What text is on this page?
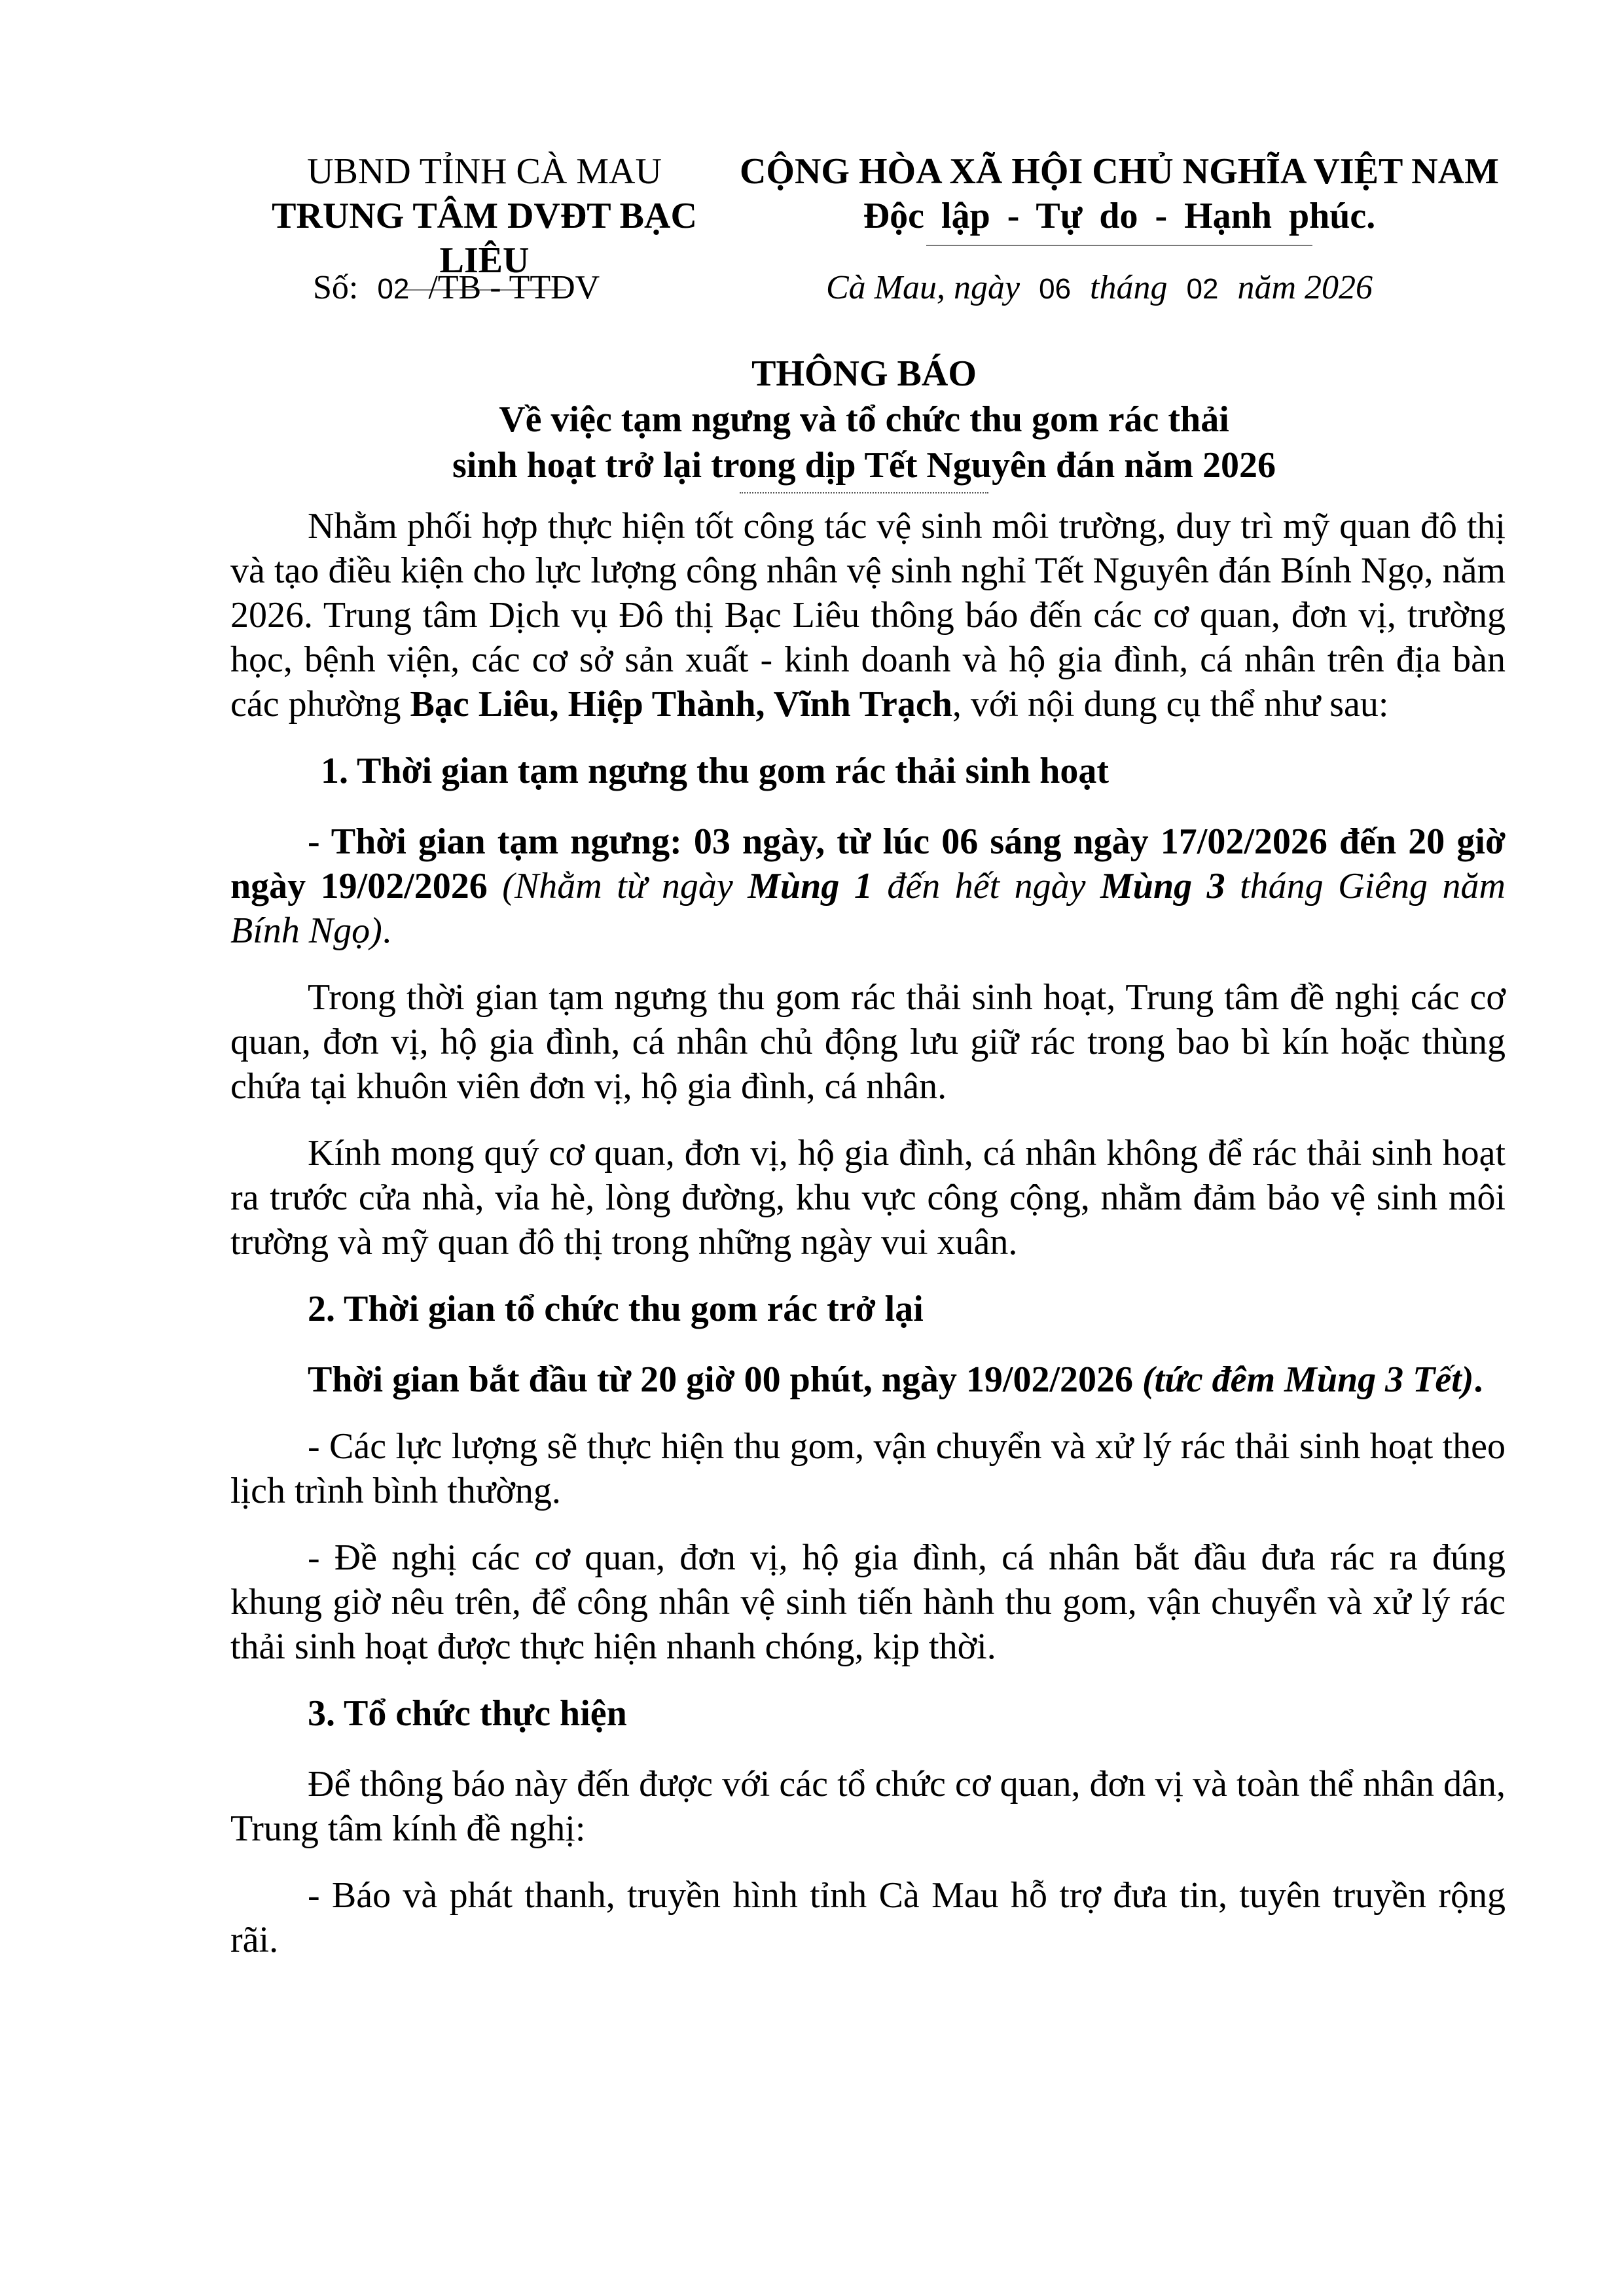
UBND TỈNH CÀ MAU
TRUNG TÂM DVĐT BẠC LIÊU
CỘNG HÒA XÃ HỘI CHỦ NGHĨA VIỆT NAM
Độc lập - Tự do - Hạnh phúc.
Số: 02 /TB - TTDV	Cà Mau, ngày 06 tháng 02 năm 2026
THÔNG BÁO
Về việc tạm ngưng và tổ chức thu gom rác thải
sinh hoạt trở lại trong dịp Tết Nguyên đán năm 2026

Nhằm phối hợp thực hiện tốt công tác vệ sinh môi trường, duy trì mỹ quan đô thị và tạo điều kiện cho lực lượng công nhân vệ sinh nghỉ Tết Nguyên đán Bính Ngọ, năm 2026. Trung tâm Dịch vụ Đô thị Bạc Liêu thông báo đến các cơ quan, đơn vị, trường học, bệnh viện, các cơ sở sản xuất - kinh doanh và hộ gia đình, cá nhân trên địa bàn các phường Bạc Liêu, Hiệp Thành, Vĩnh Trạch, với nội dung cụ thể như sau:

1. Thời gian tạm ngưng thu gom rác thải sinh hoạt

- Thời gian tạm ngưng: 03 ngày, từ lúc 06 sáng ngày 17/02/2026 đến 20 giờ ngày 19/02/2026 (Nhằm từ ngày Mùng 1 đến hết ngày Mùng 3 tháng Giêng năm Bính Ngọ).

Trong thời gian tạm ngưng thu gom rác thải sinh hoạt, Trung tâm đề nghị các cơ quan, đơn vị, hộ gia đình, cá nhân chủ động lưu giữ rác trong bao bì kín hoặc thùng chứa tại khuôn viên đơn vị, hộ gia đình, cá nhân.

Kính mong quý cơ quan, đơn vị, hộ gia đình, cá nhân không để rác thải sinh hoạt ra trước cửa nhà, vỉa hè, lòng đường, khu vực công cộng, nhằm đảm bảo vệ sinh môi trường và mỹ quan đô thị trong những ngày vui xuân.

2. Thời gian tổ chức thu gom rác trở lại

Thời gian bắt đầu từ 20 giờ 00 phút, ngày 19/02/2026 (tức đêm Mùng 3 Tết).

- Các lực lượng sẽ thực hiện thu gom, vận chuyển và xử lý rác thải sinh hoạt theo lịch trình bình thường.

- Đề nghị các cơ quan, đơn vị, hộ gia đình, cá nhân bắt đầu đưa rác ra đúng khung giờ nêu trên, để công nhân vệ sinh tiến hành thu gom, vận chuyển và xử lý rác thải sinh hoạt được thực hiện nhanh chóng, kịp thời.

3. Tổ chức thực hiện

Để thông báo này đến được với các tổ chức cơ quan, đơn vị và toàn thể nhân dân, Trung tâm kính đề nghị:

- Báo và phát thanh, truyền hình tỉnh Cà Mau hỗ trợ đưa tin, tuyên truyền rộng rãi.
